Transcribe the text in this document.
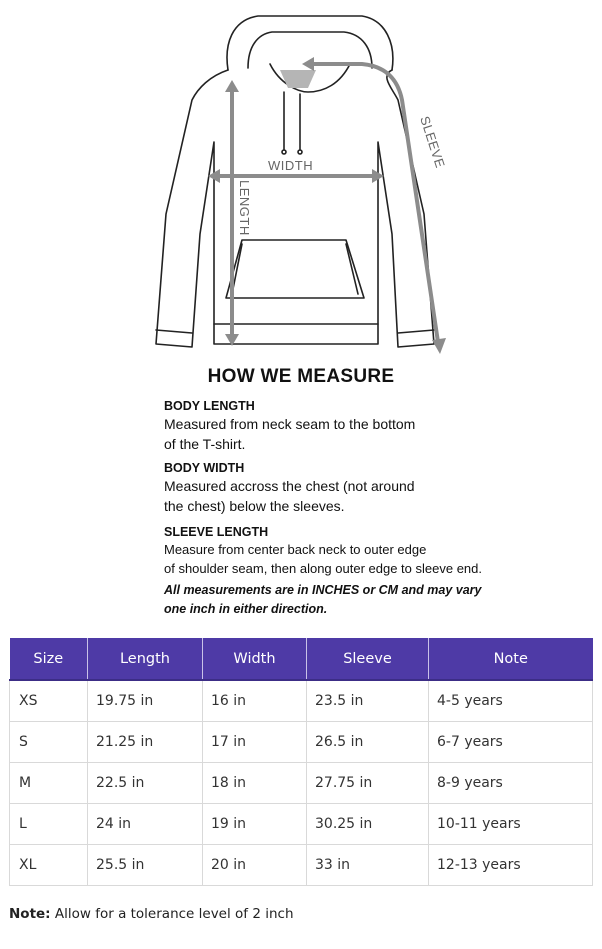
WIDTH
LENGTH
SLEEVE
HOW WE MEASURE
BODY LENGTH
Measured from neck seam to the bottom
of the T-shirt.
BODY WIDTH
Measured accross the chest (not around
the chest) below the sleeves.
SLEEVE LENGTH
Measure from center back neck to outer edge
of shoulder seam, then along outer edge to sleeve end.
All measurements are in INCHES or CM and may vary
one inch in either direction.
Size	Length	Width	Sleeve	Note
XS	19.75 in	16 in	23.5 in	4-5 years
S	21.25 in	17 in	26.5 in	6-7 years
M	22.5 in	18 in	27.75 in	8-9 years
L	24 in	19 in	30.25 in	10-11 years
XL	25.5 in	20 in	33 in	12-13 years
Note: Allow for a tolerance level of 2 inch
